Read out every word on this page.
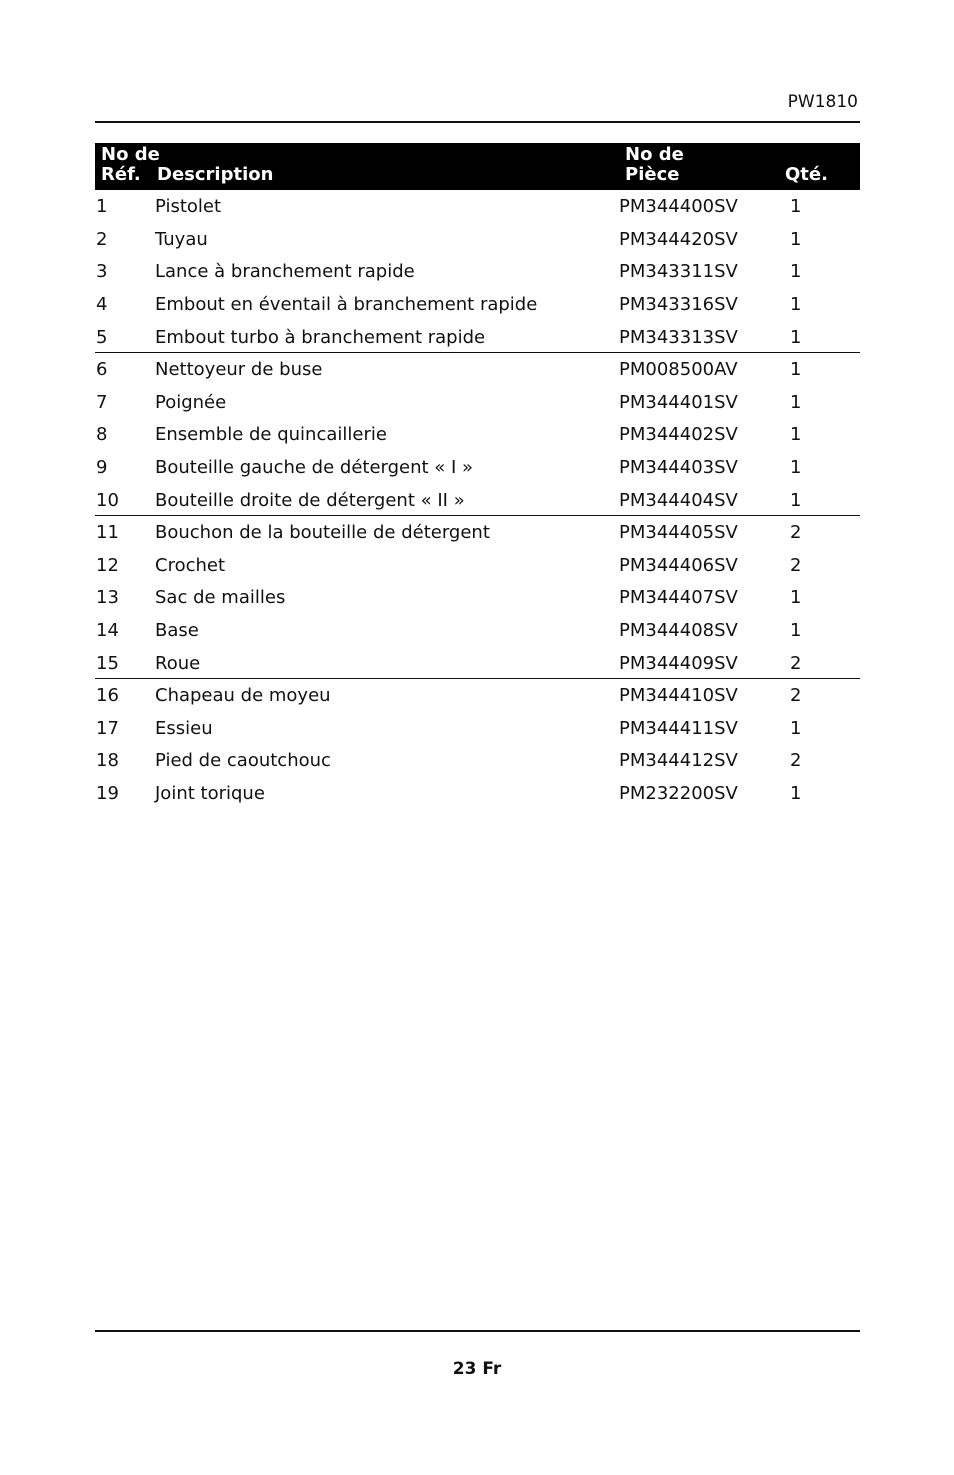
PW1810
No de
Réf. Description
No de
Pièce	Qté.
1	Pistolet	PM344400SV	1
2	Tuyau	PM344420SV	1
3	Lance à branchement rapide	PM343311SV	1
4	Embout en éventail à branchement rapide	PM343316SV	1
5	Embout turbo à branchement rapide	PM343313SV	1
6	Nettoyeur de buse	PM008500AV	1
7	Poignée	PM344401SV	1
8	Ensemble de quincaillerie	PM344402SV	1
9	Bouteille gauche de détergent « I »	PM344403SV	1
10 Bouteille droite de détergent « II »	PM344404SV	1
11 Bouchon de la bouteille de détergent	PM344405SV	2
12 Crochet	PM344406SV	2
13 Sac de mailles	PM344407SV	1
14 Base	PM344408SV	1
15 Roue	PM344409SV	2
16 Chapeau de moyeu	PM344410SV	2
17 Essieu	PM344411SV	1
18 Pied de caoutchouc	PM344412SV	2
19 Joint torique	PM232200SV	1
23 Fr
